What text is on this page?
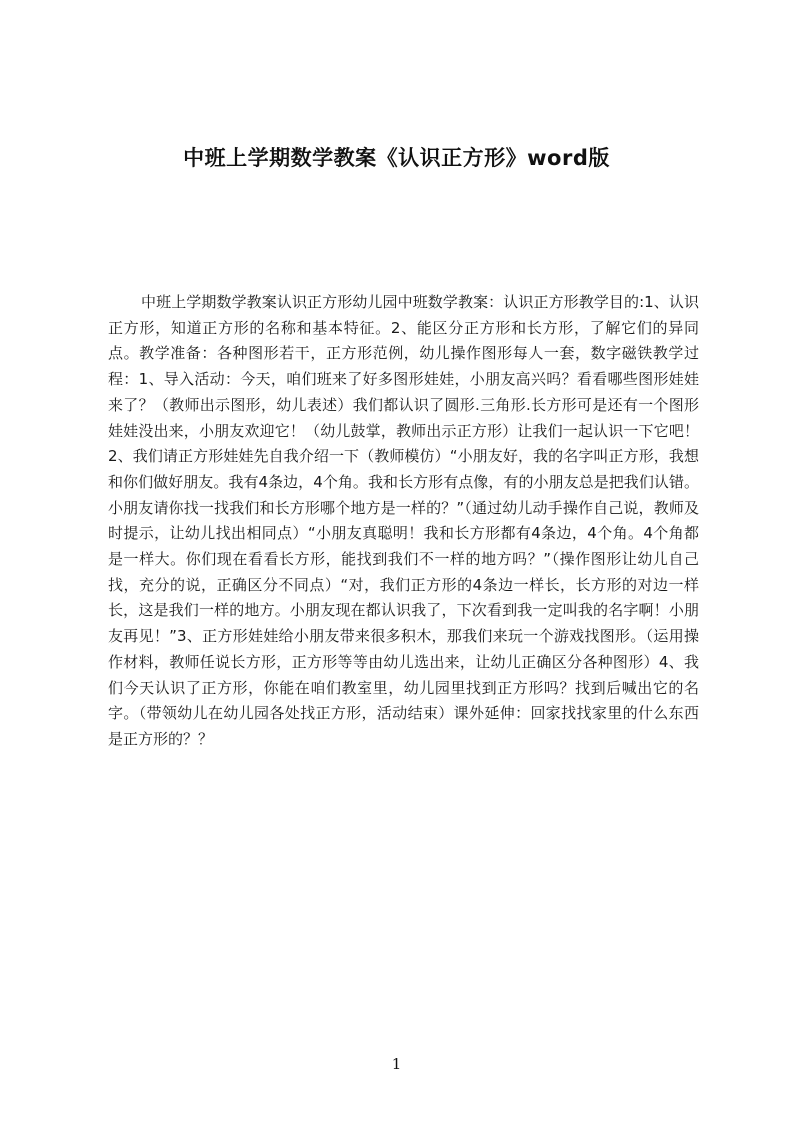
中班上学期数学教案《认识正方形》word版
中班上学期数学教案认识正方形幼儿园中班数学教案：认识正方形教学目的:1、认识正方形，知道正方形的名称和基本特征。2、能区分正方形和长方形，了解它们的异同点。教学准备：各种图形若干，正方形范例，幼儿操作图形每人一套，数字磁铁教学过程：1、导入活动：今天，咱们班来了好多图形娃娃，小朋友高兴吗？看看哪些图形娃娃来了？（教师出示图形，幼儿表述）我们都认识了圆形.三角形.长方形可是还有一个图形娃娃没出来，小朋友欢迎它！（幼儿鼓掌，教师出示正方形）让我们一起认识一下它吧！2、我们请正方形娃娃先自我介绍一下（教师模仿）“小朋友好，我的名字叫正方形，我想和你们做好朋友。我有4条边，4个角。我和长方形有点像，有的小朋友总是把我们认错。小朋友请你找一找我们和长方形哪个地方是一样的？”（通过幼儿动手操作自己说，教师及时提示，让幼儿找出相同点）“小朋友真聪明！我和长方形都有4条边，4个角。4个角都是一样大。你们现在看看长方形，能找到我们不一样的地方吗？”（操作图形让幼儿自己找，充分的说，正确区分不同点）“对，我们正方形的4条边一样长，长方形的对边一样长，这是我们一样的地方。小朋友现在都认识我了，下次看到我一定叫我的名字啊！小朋友再见！”3、正方形娃娃给小朋友带来很多积木，那我们来玩一个游戏找图形。（运用操作材料，教师任说长方形，正方形等等由幼儿选出来，让幼儿正确区分各种图形）4、我们今天认识了正方形，你能在咱们教室里，幼儿园里找到正方形吗？找到后喊出它的名字。（带领幼儿在幼儿园各处找正方形，活动结束）课外延伸：回家找找家里的什么东西是正方形的？？
1
